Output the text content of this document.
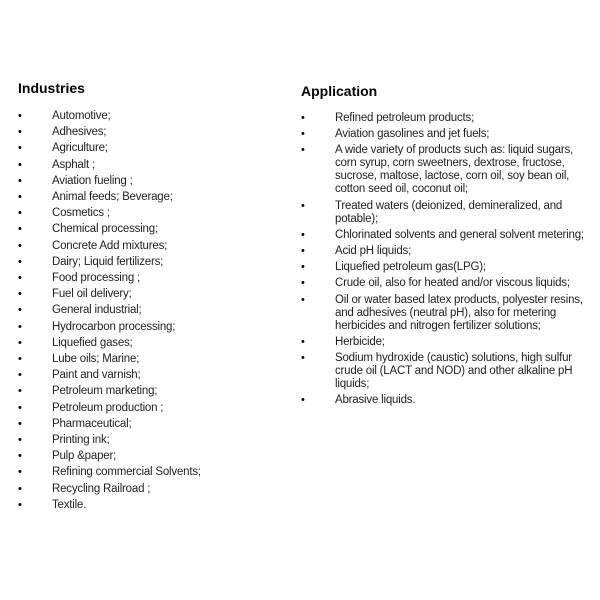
Industries
•	Automotive;
•	Adhesives;
•	Agriculture;
•	Asphalt ;
•	Aviation fueling ;
•	Animal feeds; Beverage;
•	Cosmetics ;
•	Chemical processing;
•	Concrete Add mixtures;
•	Dairy; Liquid fertilizers;
•	Food processing ;
•	Fuel oil delivery;
•	General industrial;
•	Hydrocarbon processing;
•	Liquefied gases;
•	Lube oils; Marine;
•	Paint and varnish;
•	Petroleum marketing;
•	Petroleum production ;
•	Pharmaceutical;
•	Printing ink;
•	Pulp &paper;
•	Refining commercial Solvents;
•	Recycling Railroad ;
•	Textile.
Application
•	Refined petroleum products;
•	Aviation gasolines and jet fuels;
•	A wide variety of products such as: liquid sugars, corn syrup, corn sweetners, dextrose, fructose, sucrose, maltose, lactose, corn oil, soy bean oil, cotton seed oil, coconut oil;
•	Treated waters (deionized, demineralized, and potable);
•	Chlorinated solvents and general solvent metering;
•	Acid pH liquids;
•	Liquefied petroleum gas(LPG);
•	Crude oil, also for heated and/or viscous liquids;
•	Oil or water based latex products, polyester resins, and adhesives (neutral pH), also for metering herbicides and nitrogen fertilizer solutions;
•	Herbicide;
•	Sodium hydroxide (caustic) solutions, high sulfur crude oil (LACT and NOD) and other alkaline pH liquids;
•	Abrasive liquids.
